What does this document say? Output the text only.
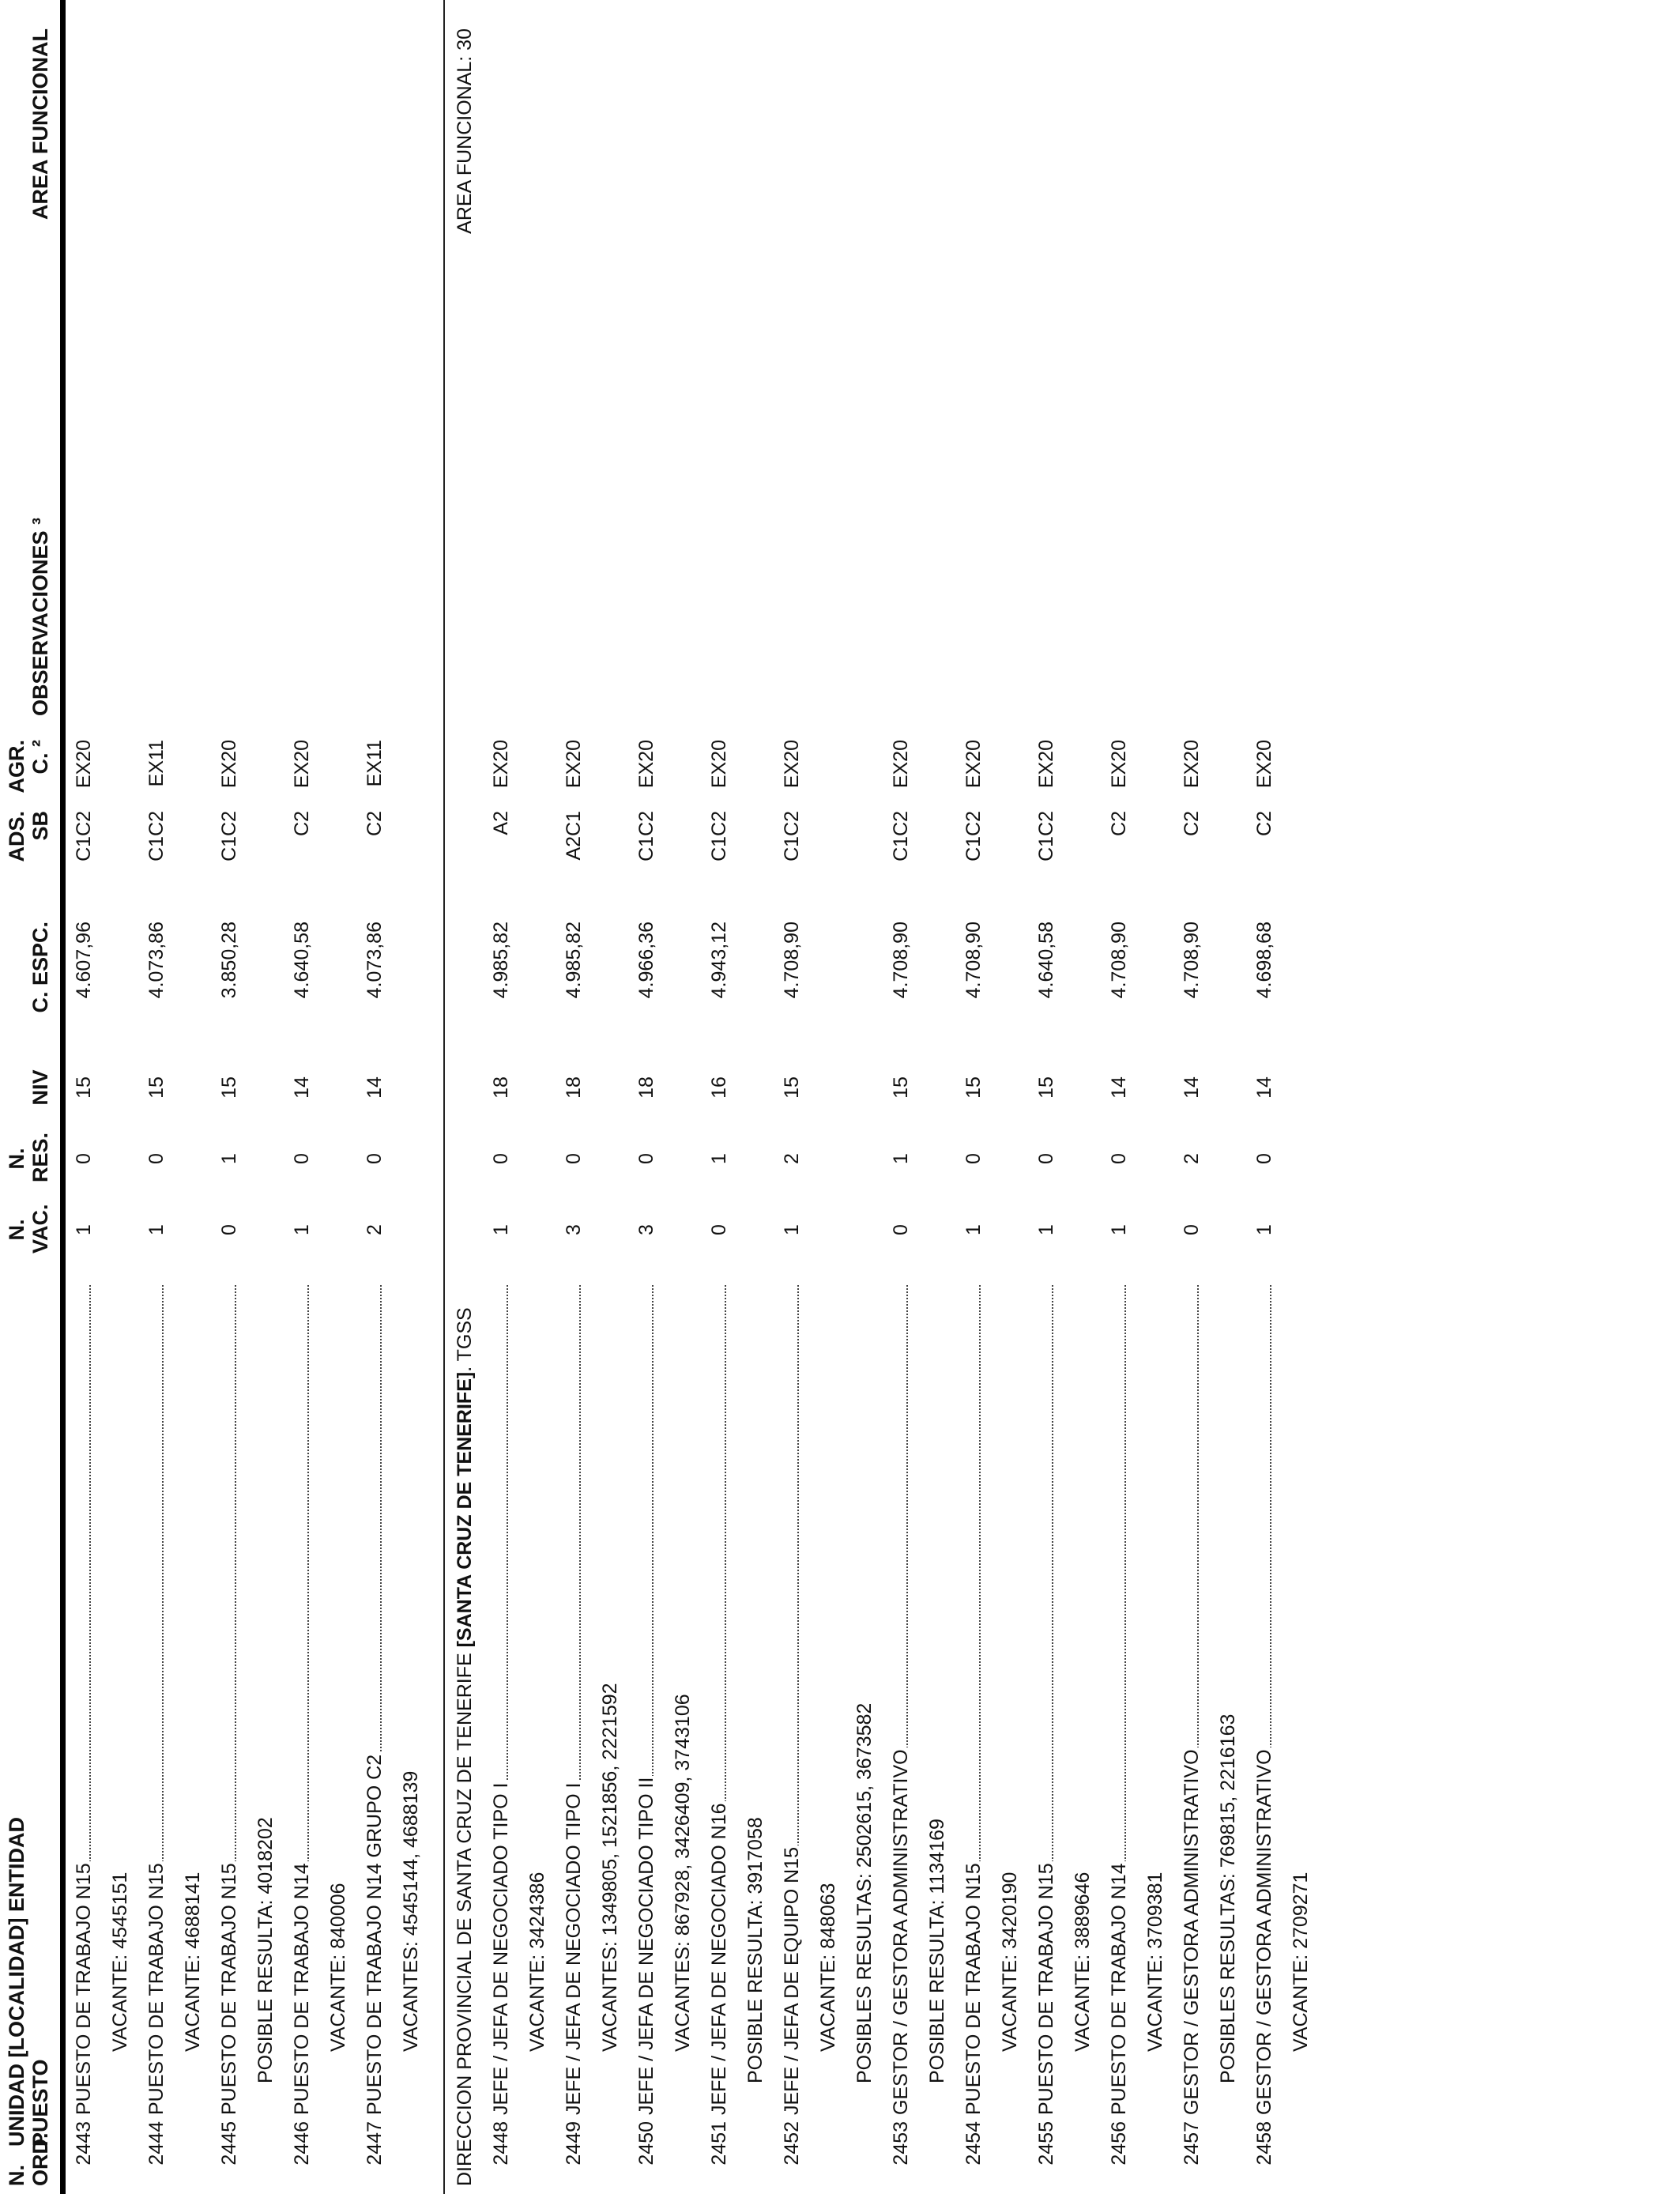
N. ORD.
UNIDAD [LOCALIDAD] ENTIDAD PUESTO
N. VAC.
N. RES.
NIV
C. ESPC.
ADS. SB
AGR. C. ²
OBSERVACIONES ³
AREA FUNCIONAL
2443
PUESTO DE TRABAJO N15
1
0
15
4.607,96
C1C2
EX20
VACANTE: 4545151
2444
PUESTO DE TRABAJO N15
1
0
15
4.073,86
C1C2
EX11
VACANTE: 4688141
2445
PUESTO DE TRABAJO N15
0
1
15
3.850,28
C1C2
EX20
POSIBLE RESULTA: 4018202
2446
PUESTO DE TRABAJO N14
1
0
14
4.640,58
C2
EX20
VACANTE: 840006
2447
PUESTO DE TRABAJO N14 GRUPO C2
2
0
14
4.073,86
C2
EX11
VACANTES: 4545144, 4688139	DIRECCION PROVINCIAL DE SANTA CRUZ DE TENERIFE [SANTA CRUZ DE TENERIFE]. TGSS
AREA FUNCIONAL: 30
2448
JEFE / JEFA DE NEGOCIADO TIPO I
1
0
18
4.985,82
A2
EX20
VACANTE: 3424386
2449
JEFE / JEFA DE NEGOCIADO TIPO I
3
0
18
4.985,82
A2C1
EX20
VACANTES: 1349805, 1521856, 2221592
2450
JEFE / JEFA DE NEGOCIADO TIPO II
3
0
18
4.966,36
C1C2
EX20
VACANTES: 867928, 3426409, 3743106
2451
JEFE / JEFA DE NEGOCIADO N16
0
1
16
4.943,12
C1C2
EX20
POSIBLE RESULTA: 3917058
2452
JEFE / JEFA DE EQUIPO N15
1
2
15
4.708,90
C1C2
EX20
VACANTE: 848063 POSIBLES RESULTAS: 2502615, 3673582
2453
GESTOR / GESTORA ADMINISTRATIVO
0
1
15
4.708,90
C1C2
EX20
POSIBLE RESULTA: 1134169
2454
PUESTO DE TRABAJO N15
1
0
15
4.708,90
C1C2
EX20
VACANTE: 3420190
2455
PUESTO DE TRABAJO N15
1
0
15
4.640,58
C1C2
EX20
VACANTE: 3889646
2456
PUESTO DE TRABAJO N14
1
0
14
4.708,90
C2
EX20
VACANTE: 3709381
2457
GESTOR / GESTORA ADMINISTRATIVO
0
2
14
4.708,90
C2
EX20
POSIBLES RESULTAS: 769815, 2216163
2458
GESTOR / GESTORA ADMINISTRATIVO
1
0
14
4.698,68
C2
EX20
VACANTE: 2709271
